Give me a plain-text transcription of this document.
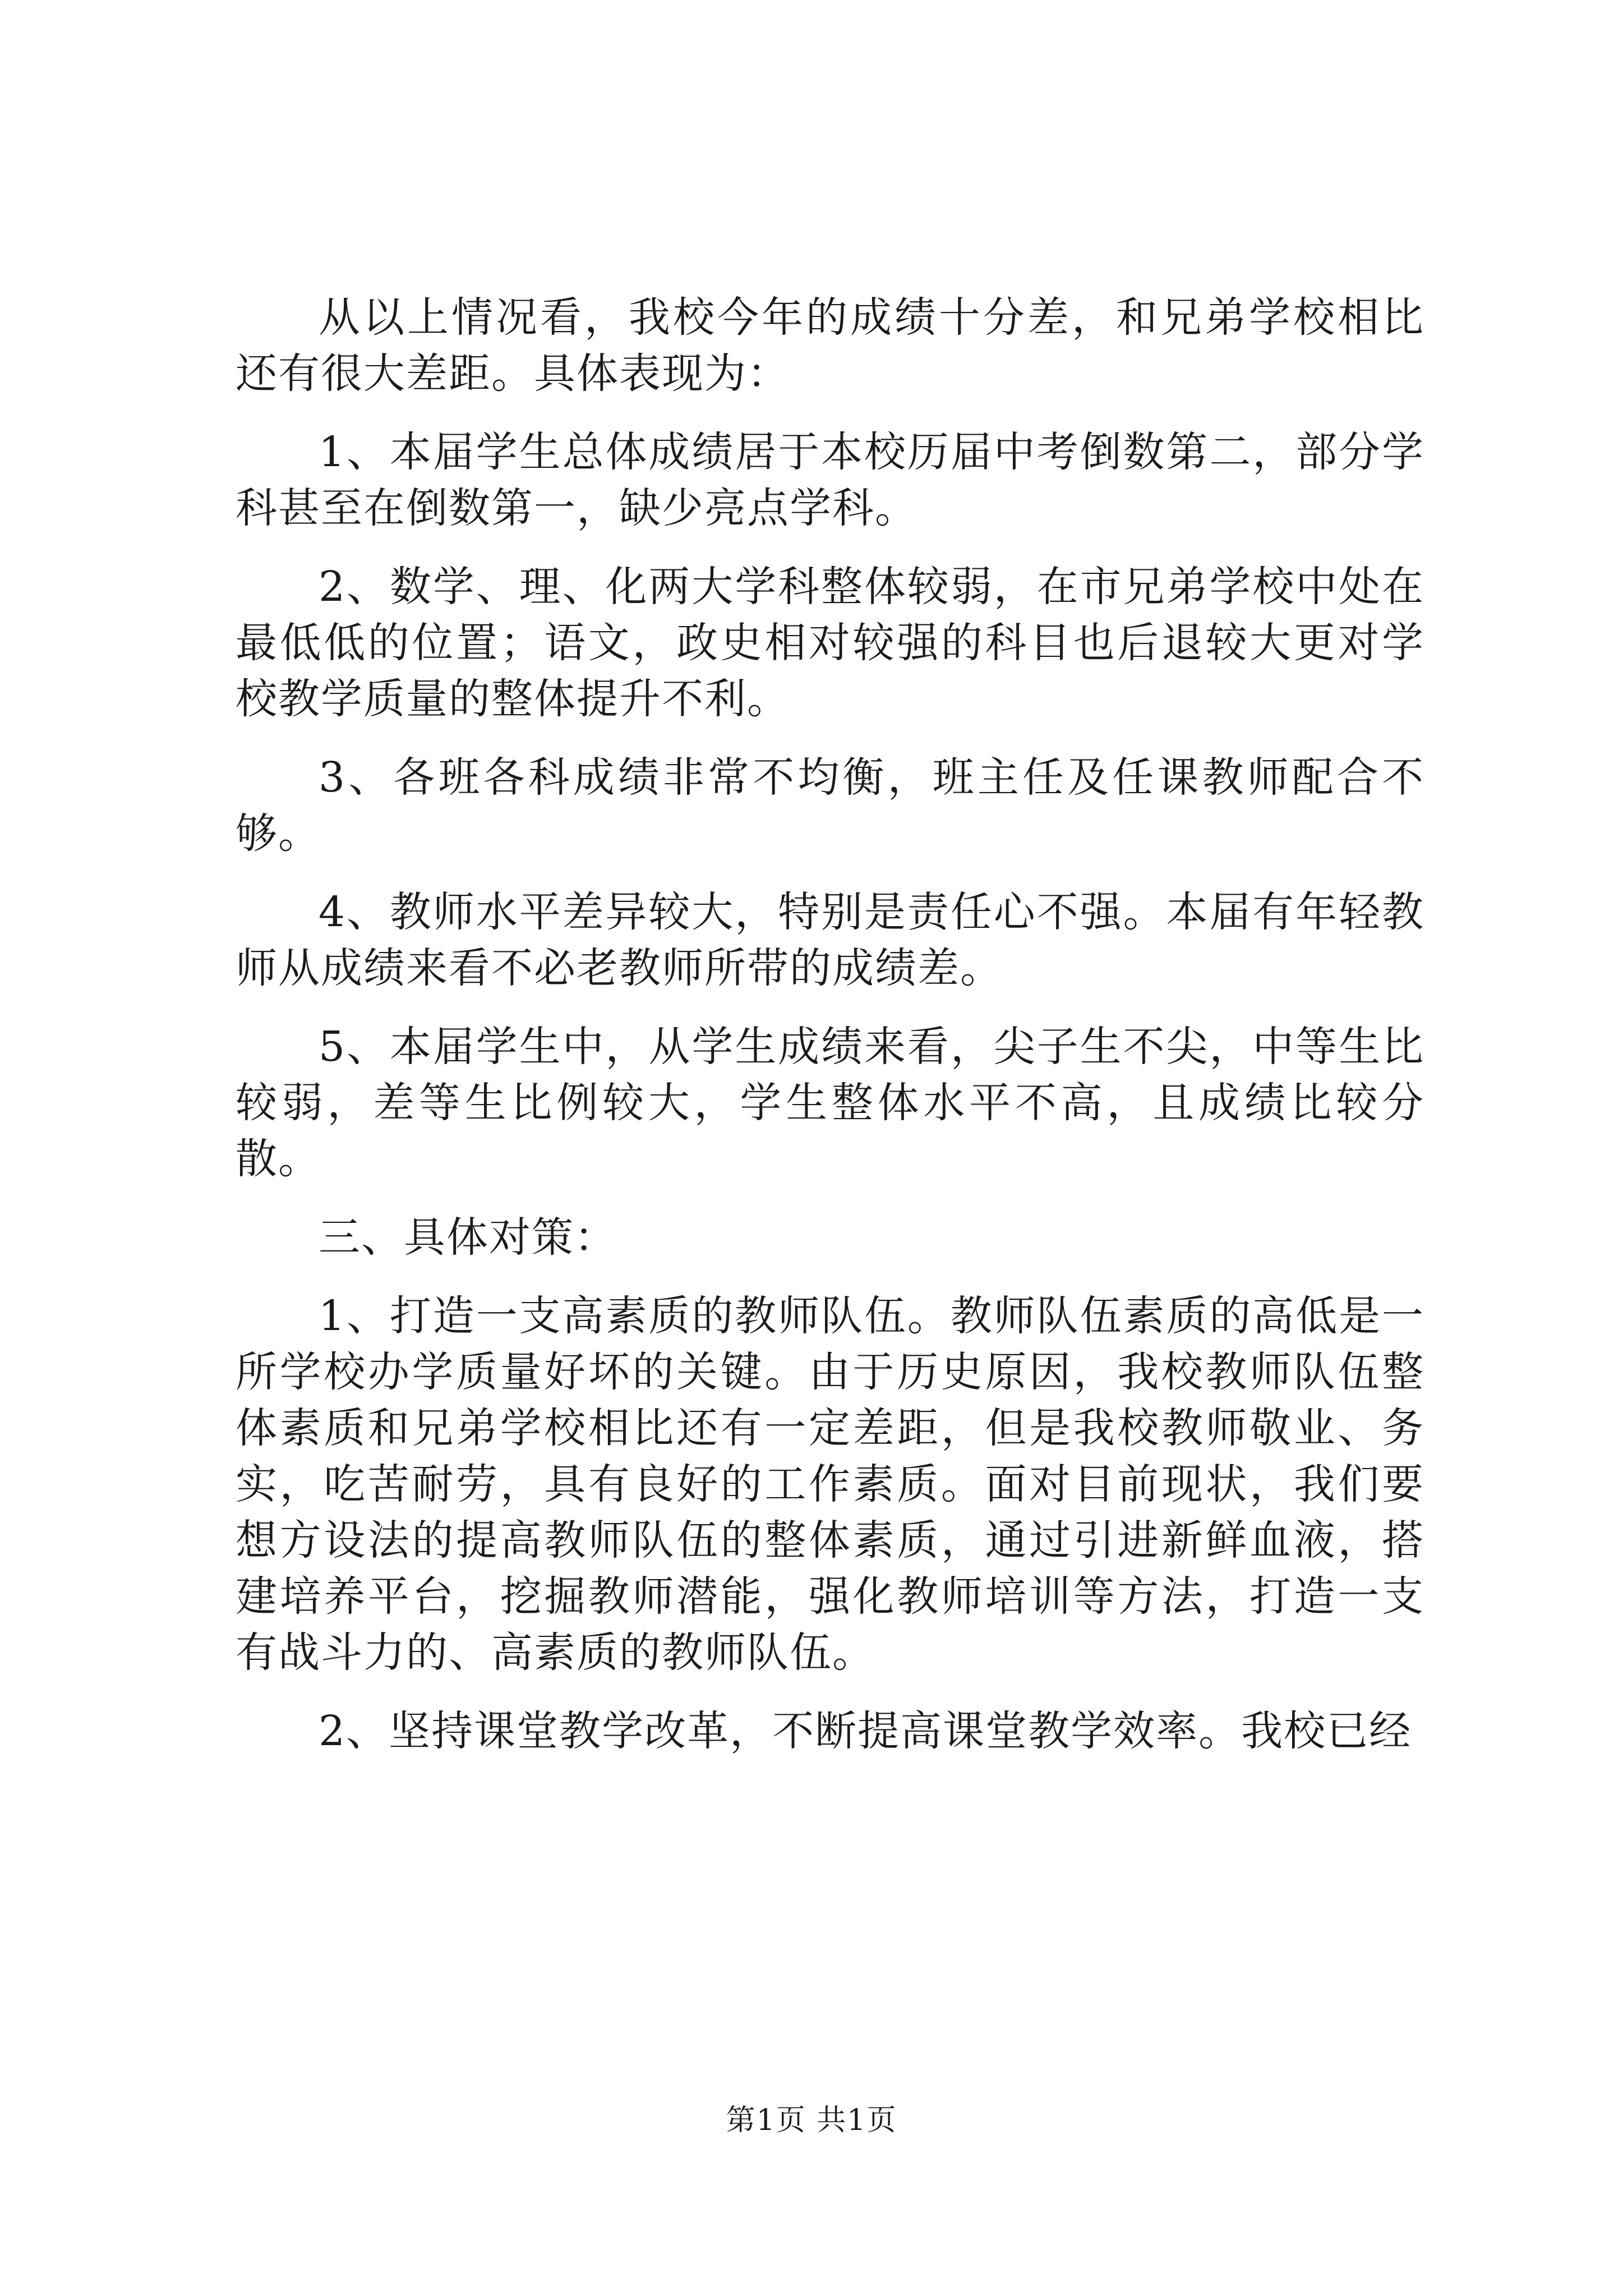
从以上情况看，我校今年的成绩十分差，和兄弟学校相比还有很大差距。具体表现为：

1、本届学生总体成绩居于本校历届中考倒数第二，部分学科甚至在倒数第一，缺少亮点学科。

2、数学、理、化两大学科整体较弱，在市兄弟学校中处在最低低的位置；语文，政史相对较强的科目也后退较大更对学校教学质量的整体提升不利。

3、各班各科成绩非常不均衡，班主任及任课教师配合不够。

4、教师水平差异较大，特别是责任心不强。本届有年轻教师从成绩来看不必老教师所带的成绩差。

5、本届学生中，从学生成绩来看，尖子生不尖，中等生比较弱，差等生比例较大，学生整体水平不高，且成绩比较分散。

三、具体对策：

1、打造一支高素质的教师队伍。教师队伍素质的高低是一所学校办学质量好坏的关键。由于历史原因，我校教师队伍整体素质和兄弟学校相比还有一定差距，但是我校教师敬业、务实，吃苦耐劳，具有良好的工作素质。面对目前现状，我们要想方设法的提高教师队伍的整体素质，通过引进新鲜血液，搭建培养平台，挖掘教师潜能，强化教师培训等方法，打造一支有战斗力的、高素质的教师队伍。

2、坚持课堂教学改革，不断提高课堂教学效率。我校已经

第1页 共1页
